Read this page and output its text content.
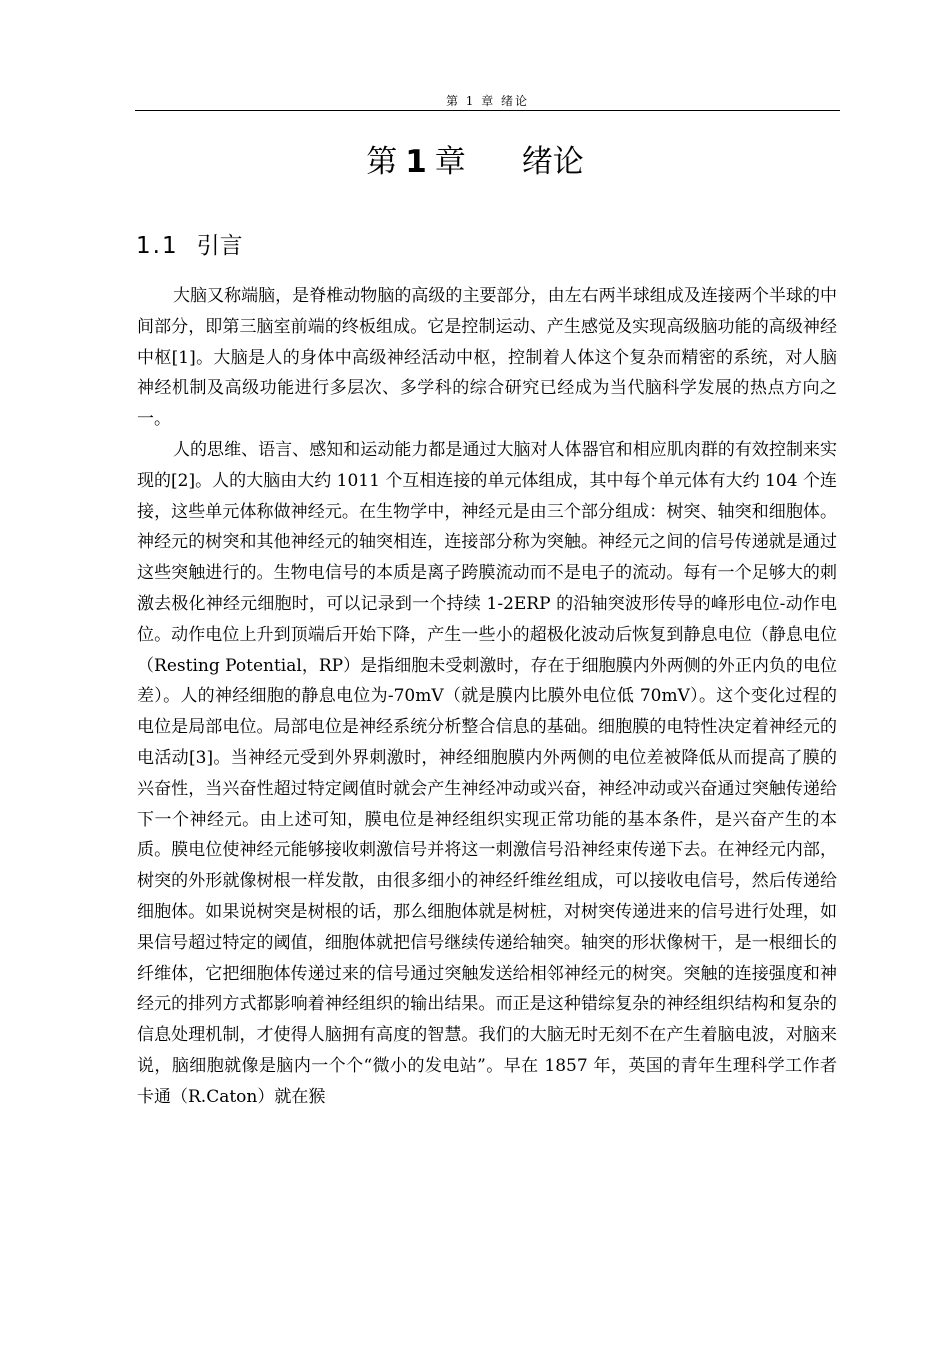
第 1 章 绪论
第 1 章 绪论
1.1 引言

大脑又称端脑，是脊椎动物脑的高级的主要部分，由左右两半球组成及连接两个半球的中间部分，即第三脑室前端的终板组成。它是控制运动、产生感觉及实现高级脑功能的高级神经中枢[1]。大脑是人的身体中高级神经活动中枢，控制着人体这个复杂而精密的系统，对人脑神经机制及高级功能进行多层次、多学科的综合研究已经成为当代脑科学发展的热点方向之一。

人的思维、语言、感知和运动能力都是通过大脑对人体器官和相应肌肉群的有效控制来实现的[2]。人的大脑由大约 1011 个互相连接的单元体组成，其中每个单元体有大约 104 个连接，这些单元体称做神经元。在生物学中，神经元是由三个部分组成：树突、轴突和细胞体。神经元的树突和其他神经元的轴突相连，连接部分称为突触。神经元之间的信号传递就是通过这些突触进行的。生物电信号的本质是离子跨膜流动而不是电子的流动。每有一个足够大的刺激去极化神经元细胞时，可以记录到一个持续 1-2ERP 的沿轴突波形传导的峰形电位-动作电位。动作电位上升到顶端后开始下降，产生一些小的超极化波动后恢复到静息电位（静息电位（Resting Potential，RP）是指细胞未受刺激时，存在于细胞膜内外两侧的外正内负的电位差）。人的神经细胞的静息电位为-70mV（就是膜内比膜外电位低 70mV）。这个变化过程的电位是局部电位。局部电位是神经系统分析整合信息的基础。细胞膜的电特性决定着神经元的电活动[3]。当神经元受到外界刺激时，神经细胞膜内外两侧的电位差被降低从而提高了膜的兴奋性，当兴奋性超过特定阈值时就会产生神经冲动或兴奋，神经冲动或兴奋通过突触传递给下一个神经元。由上述可知，膜电位是神经组织实现正常功能的基本条件，是兴奋产生的本质。膜电位使神经元能够接收刺激信号并将这一刺激信号沿神经束传递下去。在神经元内部，树突的外形就像树根一样发散，由很多细小的神经纤维丝组成，可以接收电信号，然后传递给细胞体。如果说树突是树根的话，那么细胞体就是树桩，对树突传递进来的信号进行处理，如果信号超过特定的阈值，细胞体就把信号继续传递给轴突。轴突的形状像树干，是一根细长的纤维体，它把细胞体传递过来的信号通过突触发送给相邻神经元的树突。突触的连接强度和神经元的排列方式都影响着神经组织的输出结果。而正是这种错综复杂的神经组织结构和复杂的信息处理机制，才使得人脑拥有高度的智慧。我们的大脑无时无刻不在产生着脑电波，对脑来说，脑细胞就像是脑内一个个“微小的发电站”。早在 1857 年，英国的青年生理科学工作者卡通（R.Caton）就在猴
